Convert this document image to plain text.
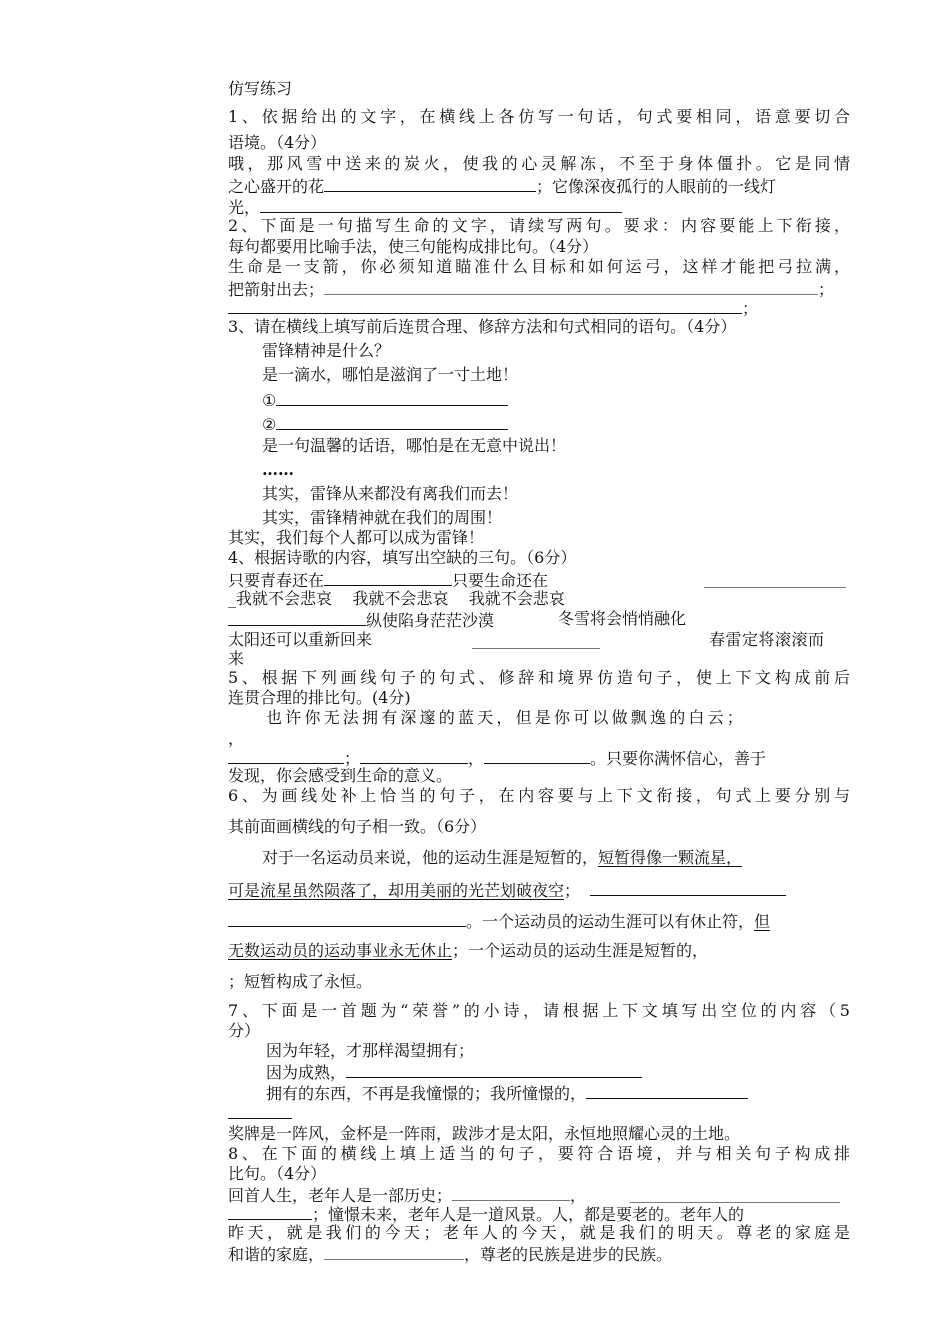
仿写练习
1、依据给出的文字，在横线上各仿写一句话，句式要相同，语意要切合
语境。（4分）
哦，那风雪中送来的炭火，使我的心灵解冻，不至于身体僵扑。它是同情
之心盛开的花	；它像深夜孤行的人眼前的一线灯
光，
2、下面是一句描写生命的文字，请续写两句。要求：内容要能上下衔接，
每句都要用比喻手法，使三句能构成排比句。（4分）
生命是一支箭，你必须知道瞄准什么目标和如何运弓，这样才能把弓拉满，
把箭射出去；	；
；
3、请在横线上填写前后连贯合理、修辞方法和句式相同的语句。（4分）
雷锋精神是什么？
是一滴水，哪怕是滋润了一寸土地！
①
②
是一句温馨的话语，哪怕是在无意中说出！
……
其实，雷锋从来都没有离我们而去！
其实，雷锋精神就在我们的周围！
其实，我们每个人都可以成为雷锋！
4、根据诗歌的内容，填写出空缺的三句。（6分）
只要青春还在	只要生命还在
_我就不会悲哀 我就不会悲哀 我就不会悲哀
纵使陷身茫茫沙漠	冬雪将会悄悄融化
太阳还可以重新回来	春雷定将滚滚而
来
5、根据下列画线句子的句式、修辞和境界仿造句子，使上下文构成前后
连贯合理的排比句。(4分)
也许你无法拥有深邃的蓝天，但是你可以做飘逸的白云；
，
；	，	。只要你满怀信心，善于
发现，你会感受到生命的意义。
6、为画线处补上恰当的句子，在内容要与上下文衔接，句式上要分别与
其前面画横线的句子相一致。（6分）
对于一名运动员来说，他的运动生涯是短暂的，短暂得像一颗流星，
可是流星虽然陨落了，却用美丽的光芒划破夜空；
。一个运动员的运动生涯可以有休止符，但
无数运动员的运动事业永无休止；一个运动员的运动生涯是短暂的，
；短暂构成了永恒。
7、下面是一首题为“荣誉”的小诗，请根据上下文填写出空位的内容（5
分）
因为年轻，才那样渴望拥有；
因为成熟，
拥有的东西，不再是我憧憬的；我所憧憬的，
奖牌是一阵风，金杯是一阵雨，跋涉才是太阳，永恒地照耀心灵的土地。
8、在下面的横线上填上适当的句子，要符合语境，并与相关句子构成排
比句。（4分）
回首人生，老年人是一部历史；	，
；憧憬未来，老年人是一道风景。人，都是要老的。老年人的
昨天，就是我们的今天；老年人的今天，就是我们的明天。尊老的家庭是
和谐的家庭，	，尊老的民族是进步的民族。
